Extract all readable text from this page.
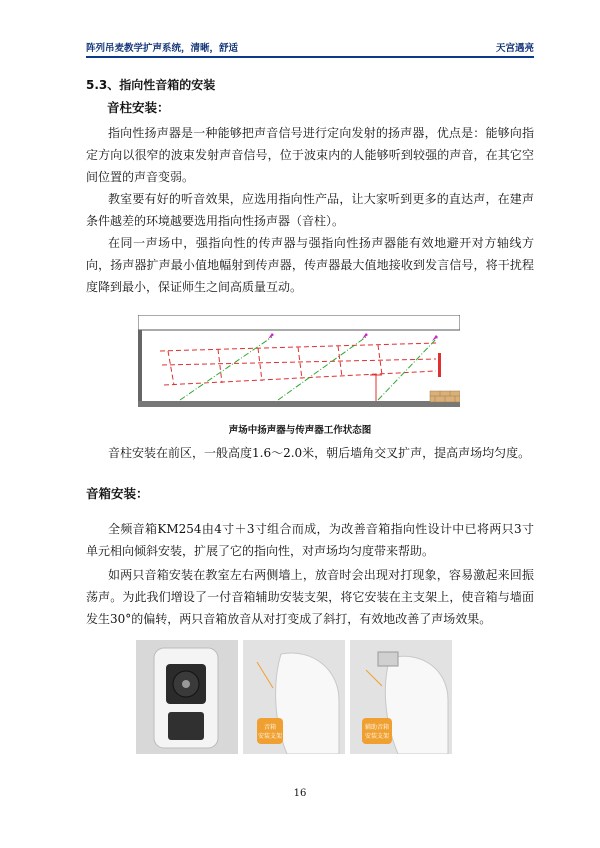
阵列吊麦教学扩声系统，清晰，舒适	天宫遇亮
5.3、指向性音箱的安装
音柱安装：

指向性扬声器是一种能够把声音信号进行定向发射的扬声器，优点是：能够向指定方向以很窄的波束发射声音信号，位于波束内的人能够听到较强的声音，在其它空间位置的声音变弱。

教室要有好的听音效果，应选用指向性产品，让大家听到更多的直达声，在建声条件越差的环境越要选用指向性扬声器（音柱）。

在同一声场中，强指向性的传声器与强指向性扬声器能有效地避开对方轴线方向，扬声器扩声最小值地幅射到传声器，传声器最大值地接收到发言信号，将干扰程度降到最小，保证师生之间高质量互动。

声场中扬声器与传声器工作状态图

音柱安装在前区，一般高度1.6～2.0米，朝后墙角交叉扩声，提高声场均匀度。

音箱安装：

全频音箱KM254由4寸＋3寸组合而成，为改善音箱指向性设计中已将两只3寸单元相向倾斜安装，扩展了它的指向性，对声场均匀度带来帮助。

如两只音箱安装在教室左右两侧墙上，放音时会出现对打现象，容易激起来回振荡声。为此我们增设了一付音箱辅助安装支架，将它安装在主支架上，使音箱与墙面发生30°的偏转，两只音箱放音从对打变成了斜打，有效地改善了声场效果。

音箱
安装支架
辅助音箱
安装支架
16
